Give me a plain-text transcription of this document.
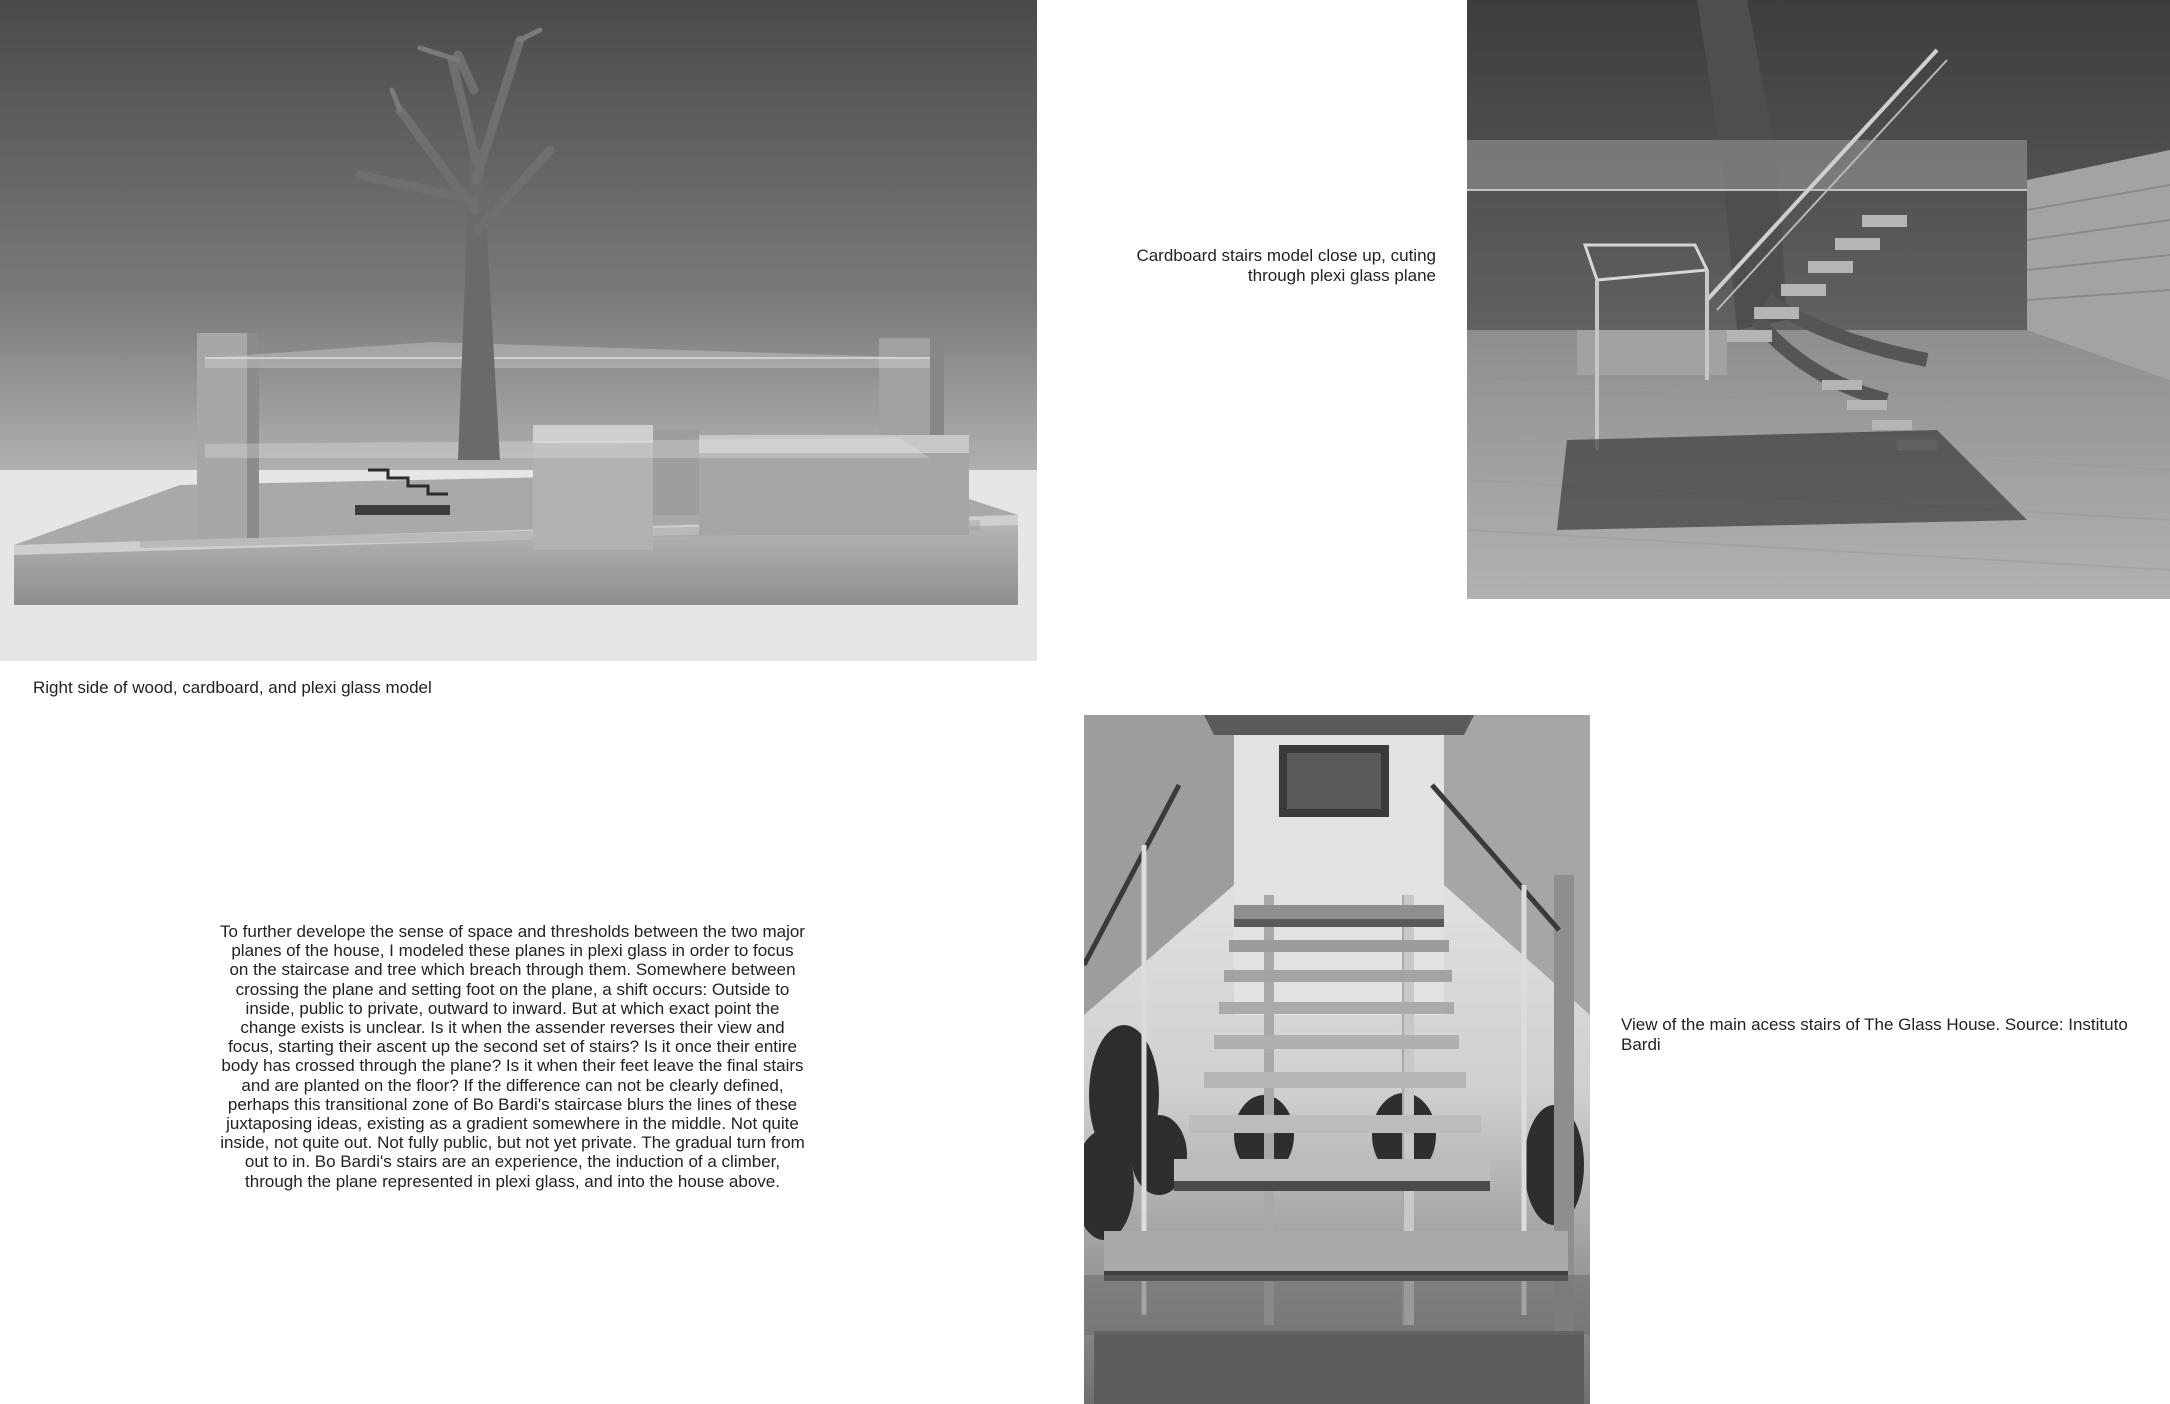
Right side of wood, cardboard, and plexi glass model
Cardboard stairs model close up, cuting through plexi glass plane
View of the main acess stairs of The Glass House. Source: Instituto Bardi
To further develope the sense of space and thresholds between the two major planes of the house, I modeled these planes in plexi glass in order to focus on the staircase and tree which breach through them. Somewhere between crossing the plane and setting foot on the plane, a shift occurs: Outside to inside, public to private, outward to inward. But at which exact point the change exists is unclear. Is it when the assender reverses their view and focus, starting their ascent up the second set of stairs? Is it once their entire body has crossed through the plane? Is it when their feet leave the final stairs and are planted on the floor? If the difference can not be clearly defined, perhaps this transitional zone of Bo Bardi's staircase blurs the lines of these juxtaposing ideas, existing as a gradient somewhere in the middle. Not quite inside, not quite out. Not fully public, but not yet private. The gradual turn from out to in. Bo Bardi's stairs are an experience, the induction of a climber, through the plane represented in plexi glass, and into the house above.
